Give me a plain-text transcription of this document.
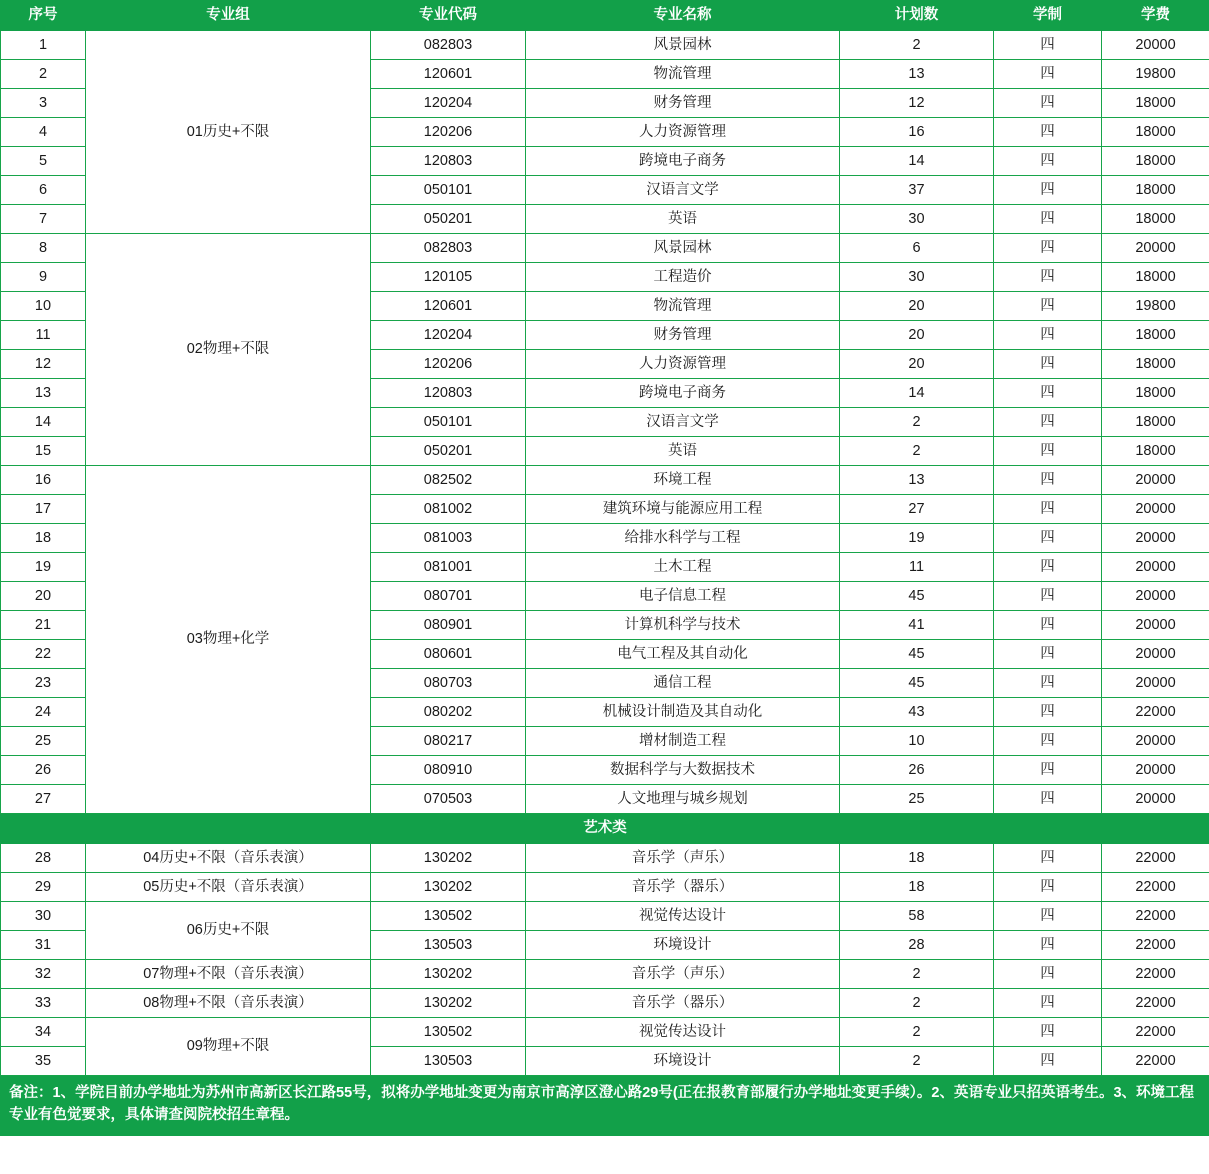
序号	专业组	专业代码	专业名称	计划数	学制	学费
1	01历史+不限	082803	风景园林	2	四	20000
2		120601	物流管理	13	四	19800
3		120204	财务管理	12	四	18000
4		120206	人力资源管理	16	四	18000
5		120803	跨境电子商务	14	四	18000
6		050101	汉语言文学	37	四	18000
7		050201	英语	30	四	18000
8	02物理+不限	082803	风景园林	6	四	20000
9		120105	工程造价	30	四	18000
10		120601	物流管理	20	四	19800
11		120204	财务管理	20	四	18000
12		120206	人力资源管理	20	四	18000
13		120803	跨境电子商务	14	四	18000
14		050101	汉语言文学	2	四	18000
15		050201	英语	2	四	18000
16	03物理+化学	082502	环境工程	13	四	20000
17		081002	建筑环境与能源应用工程	27	四	20000
18		081003	给排水科学与工程	19	四	20000
19		081001	土木工程	11	四	20000
20		080701	电子信息工程	45	四	20000
21		080901	计算机科学与技术	41	四	20000
22		080601	电气工程及其自动化	45	四	20000
23		080703	通信工程	45	四	20000
24		080202	机械设计制造及其自动化	43	四	22000
25		080217	增材制造工程	10	四	20000
26		080910	数据科学与大数据技术	26	四	20000
27		070503	人文地理与城乡规划	25	四	20000
艺术类						
28	04历史+不限（音乐表演）	130202	音乐学（声乐）	18	四	22000
29	05历史+不限（音乐表演）	130202	音乐学（器乐）	18	四	22000
30	06历史+不限	130502	视觉传达设计	58	四	22000
31		130503	环境设计	28	四	22000
32	07物理+不限（音乐表演）	130202	音乐学（声乐）	2	四	22000
33	08物理+不限（音乐表演）	130202	音乐学（器乐）	2	四	22000
34	09物理+不限	130502	视觉传达设计	2	四	22000
35		130503	环境设计	2	四	22000
备注：1、学院目前办学地址为苏州市高新区长江路55号，拟将办学地址变更为南京市高淳区澄心路29号(正在报教育部履行办学地址变更手续）。2、英语专业只招英语考生。3、环境工程专业有色觉要求，具体请查阅院校招生章程。						
